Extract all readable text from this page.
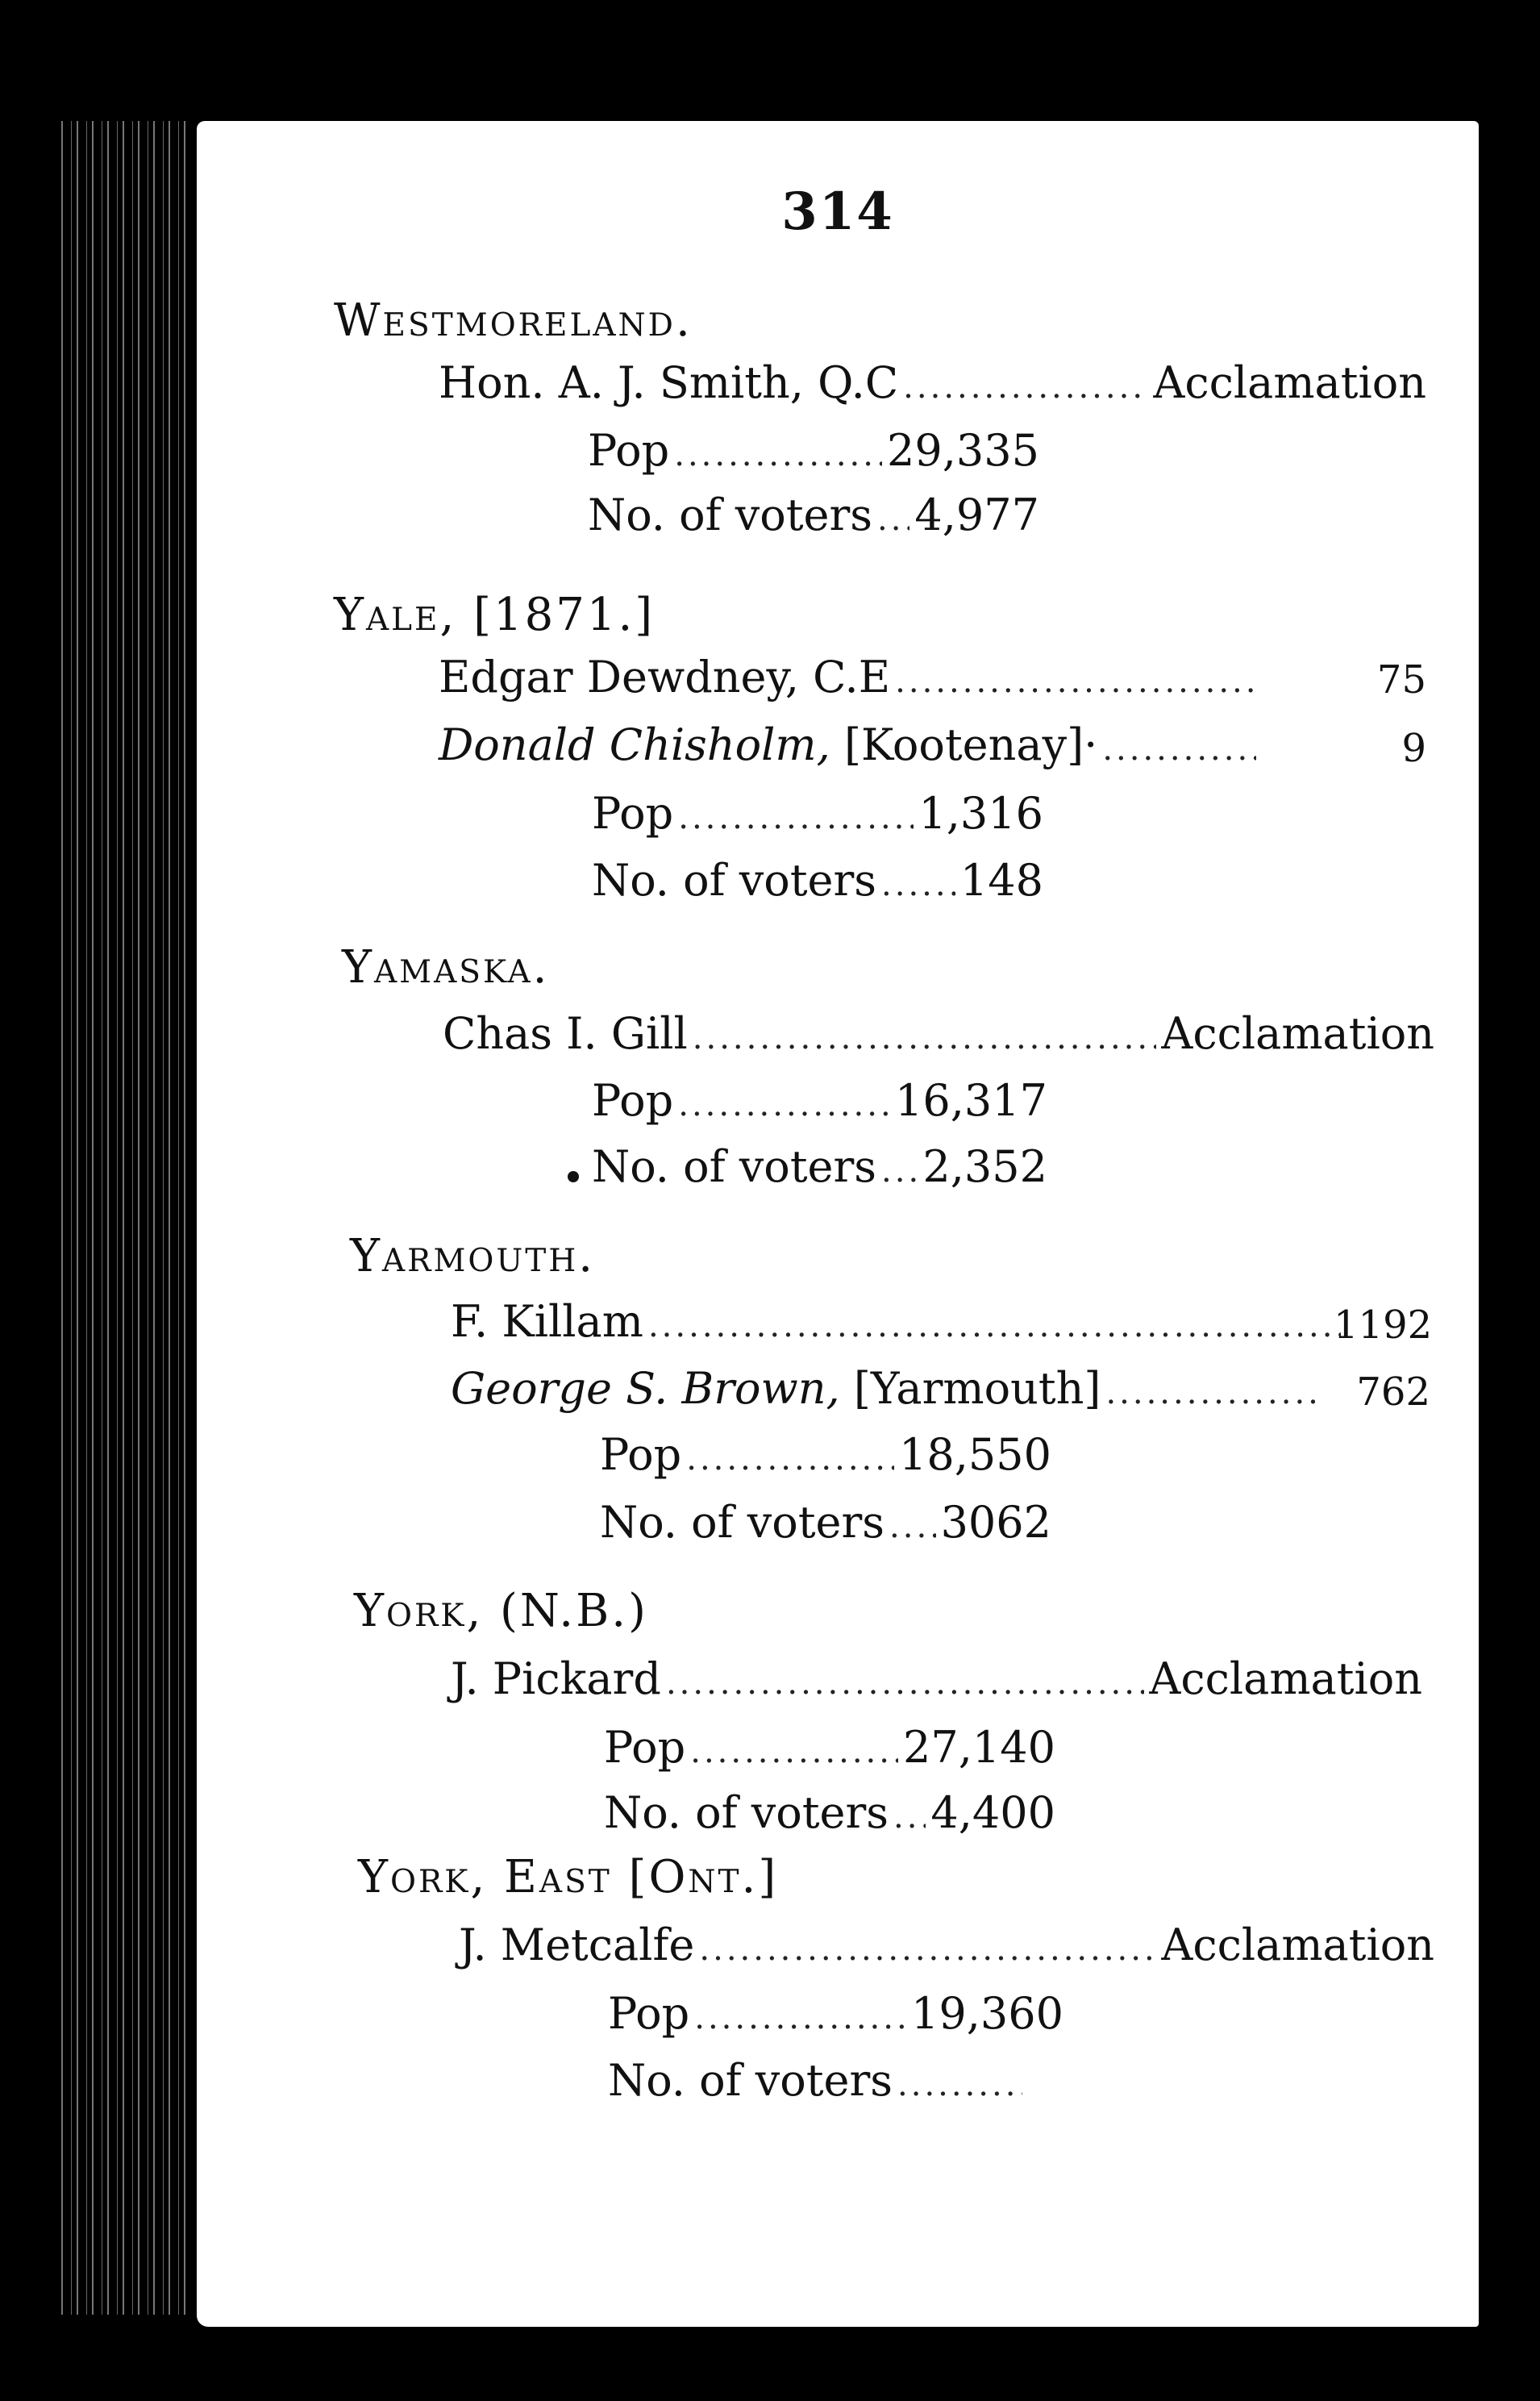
314
Westmoreland.
Hon. A. J. Smith, Q.C .....	Acclamation
Pop .....	29,335
No. of voters ..... 4,977
Yale, [1871.]
Edgar Dewdney, C.E .....	75
Donald Chisholm, [Kootenay]· .....	9
Pop .....	1,316
No. of voters ..... 148
Yamaska.
Chas I. Gill .....	Acclamation
Pop .....	16,317
No. of voters ..... 2,352
Yarmouth.
F. Killam .....	1192
George S. Brown, [Yarmouth] .....	762
Pop .....	18,550
No. of voters ..... 3062
York, (N.B.)
J. Pickard .....	Acclamation
Pop .....	27,140
No. of voters ..... 4,400
York, East [Ont.]
J. Metcalfe .....	Acclamation
Pop .....	19,360
No. of voters
.....
